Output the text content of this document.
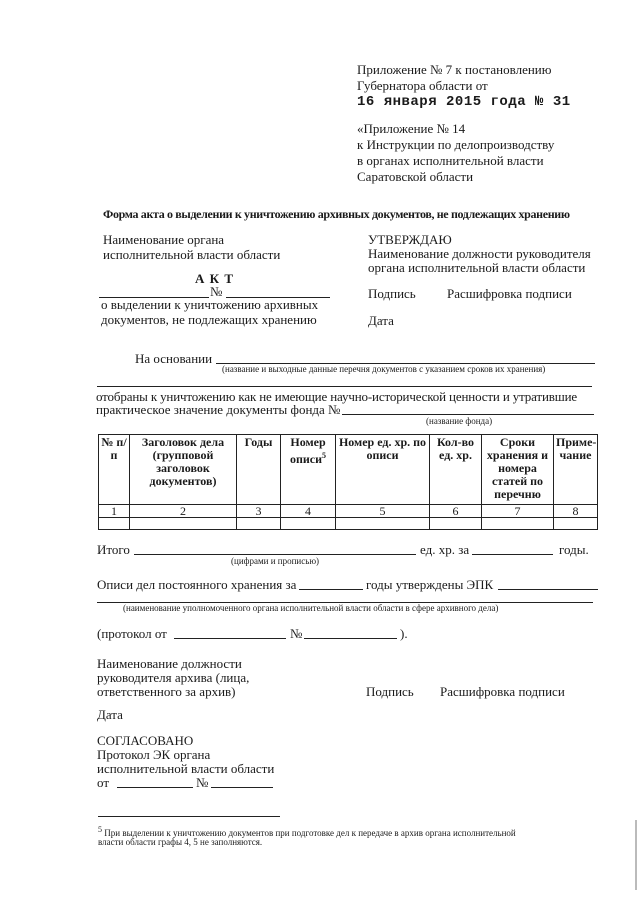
Приложение № 7 к постановлению
Губернатора области от
16 января 2015 года № 31
«Приложение № 14
к Инструкции по делопроизводству
в органах исполнительной власти
Саратовской области
Форма акта о выделении к уничтожению архивных документов, не подлежащих хранению
Наименование органа
исполнительной власти области
А К Т
№
о выделении к уничтожению архивных
документов, не подлежащих хранению
УТВЕРЖДАЮ
Наименование должности руководителя
органа исполнительной власти области
Подпись Расшифровка подписи
Дата
На основании
(название и выходные данные перечня документов с указанием сроков их хранения)
отобраны к уничтожению как не имеющие научно-исторической ценности и утратившие
практическое значение документы фонда №
(название фонда)
№ п/п	Заголовок дела (групповой заголовок документов)	Годы	Номер описи$^5$	Номер ед. хр. по описи	Кол-во ед. хр.	Сроки хранения и номера статей по перечню	Приме-чание
1	2	3	4	5	6	7	8

Итого	ед. хр. за	годы.
(цифрами и прописью)
Описи дел постоянного хранения за	годы утверждены ЭПК
(наименование уполномоченного органа исполнительной власти области в сфере архивного дела)
(протокол от	№	).
Наименование должности
руководителя архива (лица,
ответственного за архив)	Подпись Расшифровка подписи
Дата
СОГЛАСОВАНО
Протокол ЭК органа
исполнительной власти области
от	№
$^5$ При выделении к уничтожению документов при подготовке дел к передаче в архив органа исполнительной
власти области графы 4, 5 не заполняются.
